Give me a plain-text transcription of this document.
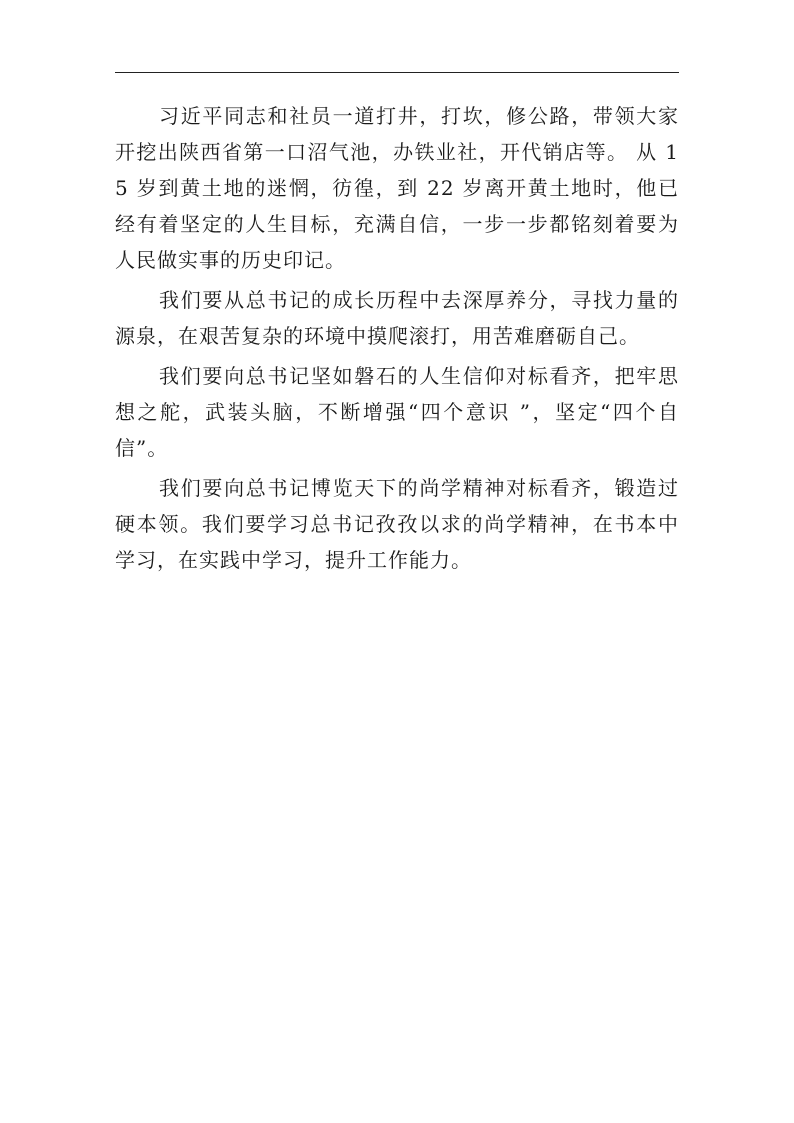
习近平同志和社员一道打井，打坎，修公路，带领大家开挖出陕西省第一口沼气池，办铁业社，开代销店等。 从 15 岁到黄土地的迷惘，彷徨，到 22 岁离开黄土地时，他已经有着坚定的人生目标，充满自信，一步一步都铭刻着要为人民做实事的历史印记。

我们要从总书记的成长历程中去深厚养分，寻找力量的源泉，在艰苦复杂的环境中摸爬滚打，用苦难磨砺自己。

我们要向总书记坚如磐石的人生信仰对标看齐，把牢思想之舵，武装头脑，不断增强“四个意识 ”，坚定“四个自信”。

我们要向总书记博览天下的尚学精神对标看齐，锻造过硬本领。我们要学习总书记孜孜以求的尚学精神，在书本中学习，在实践中学习，提升工作能力。
